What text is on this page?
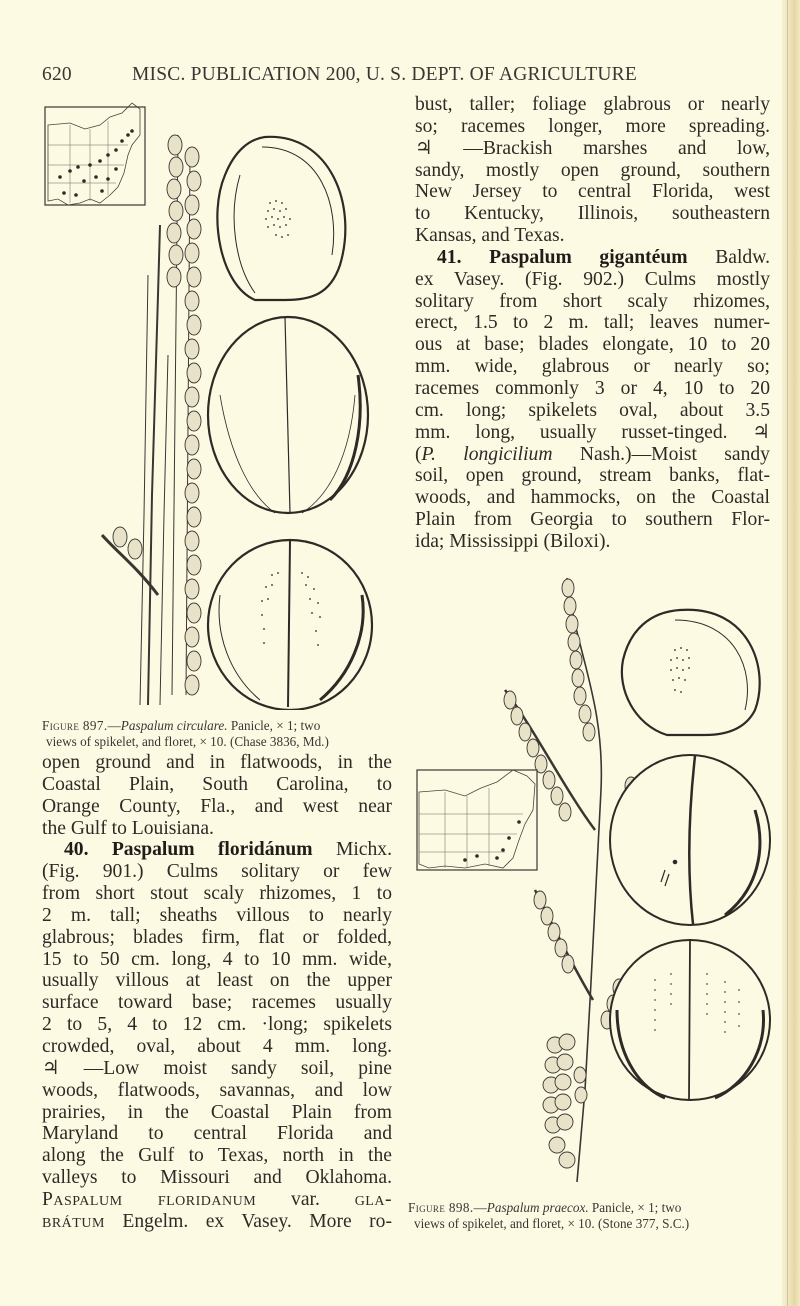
620	MISC. PUBLICATION 200, U. S. DEPT. OF AGRICULTURE
Figure 897.—Paspalum circulare. Panicle, × 1; two
views of spikelet, and floret, × 10. (Chase 3836, Md.)
bust, taller; foliage glabrous or nearly
so; racemes longer, more spreading.
♃ —Brackish marshes and low,
sandy, mostly open ground, southern
New Jersey to central Florida, west
to Kentucky, Illinois, southeastern
Kansas, and Texas.
41. Paspalum gigantéum Baldw.
ex Vasey. (Fig. 902.) Culms mostly
solitary from short scaly rhizomes,
erect, 1.5 to 2 m. tall; leaves numer-
ous at base; blades elongate, 10 to 20
mm. wide, glabrous or nearly so;
racemes commonly 3 or 4, 10 to 20
cm. long; spikelets oval, about 3.5
mm. long, usually russet-tinged. ♃
(P. longicilium Nash.)—Moist sandy
soil, open ground, stream banks, flat-
woods, and hammocks, on the Coastal
Plain from Georgia to southern Flor-
ida; Mississippi (Biloxi).
Figure 898.—Paspalum praecox. Panicle, × 1; two
views of spikelet, and floret, × 10. (Stone 377, S.C.)
open ground and in flatwoods, in the
Coastal Plain, South Carolina, to
Orange County, Fla., and west near
the Gulf to Louisiana.
40. Paspalum floridánum Michx.
(Fig. 901.) Culms solitary or few
from short stout scaly rhizomes, 1 to
2 m. tall; sheaths villous to nearly
glabrous; blades firm, flat or folded,
15 to 50 cm. long, 4 to 10 mm. wide,
usually villous at least on the upper
surface toward base; racemes usually
2 to 5, 4 to 12 cm. ·long; spikelets
crowded, oval, about 4 mm. long.
♃ —Low moist sandy soil, pine
woods, flatwoods, savannas, and low
prairies, in the Coastal Plain from
Maryland to central Florida and
along the Gulf to Texas, north in the
valleys to Missouri and Oklahoma.
Paspalum floridanum var. gla-
brátum Engelm. ex Vasey. More ro-
